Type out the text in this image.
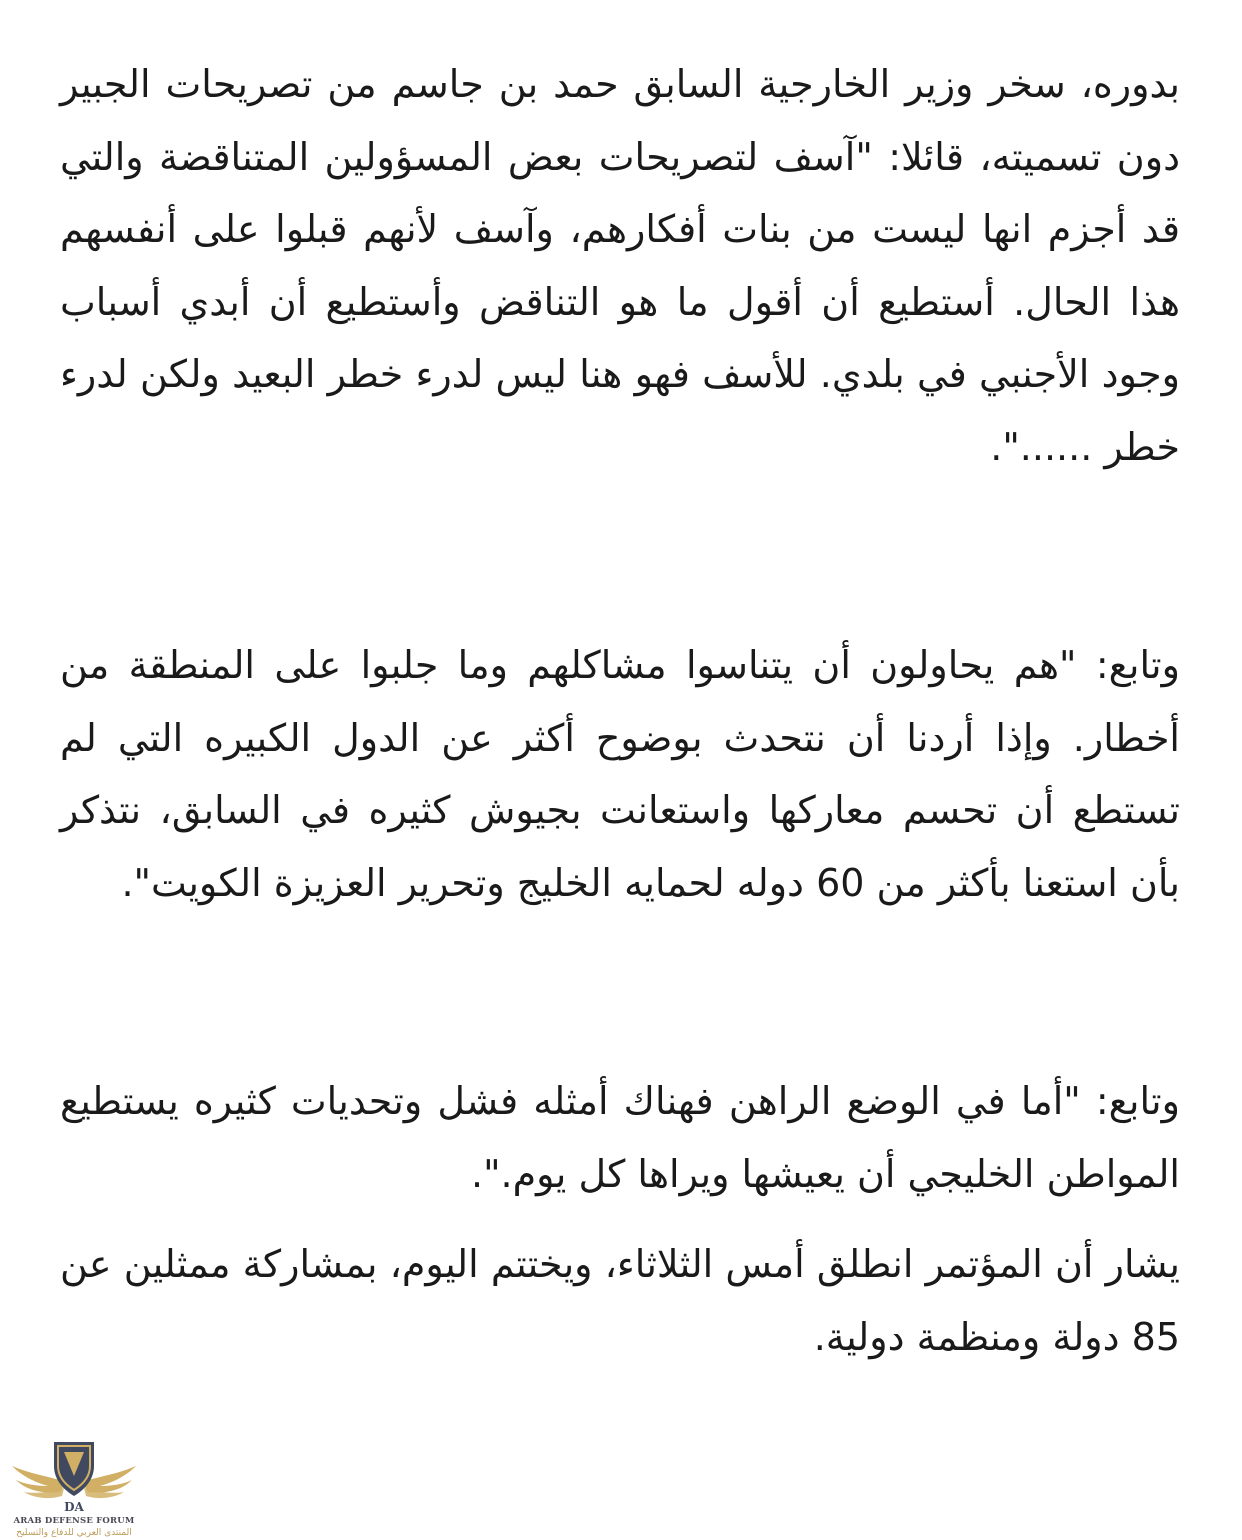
بدوره، سخر وزير الخارجية السابق حمد بن جاسم من تصريحات الجبير دون تسميته، قائلا: "آسف لتصريحات بعض المسؤولين المتناقضة والتي قد أجزم انها ليست من بنات أفكارهم، وآسف لأنهم قبلوا على أنفسهم هذا الحال. أستطيع أن أقول ما هو التناقض وأستطيع أن أبدي أسباب وجود الأجنبي في بلدي. للأسف فهو هنا ليس لدرء خطر البعيد ولكن لدرء خطر ......".

وتابع: "هم يحاولون أن يتناسوا مشاكلهم وما جلبوا على المنطقة من أخطار. وإذا أردنا أن نتحدث بوضوح أكثر عن الدول الكبيره التي لم تستطع أن تحسم معاركها واستعانت بجيوش كثيره في السابق، نتذكر بأن استعنا بأكثر من 60 دوله لحمايه الخليج وتحرير العزيزة الكويت".

وتابع: "أما في الوضع الراهن فهناك أمثله فشل وتحديات كثيره يستطيع المواطن الخليجي أن يعيشها ويراها كل يوم.".

يشار أن المؤتمر انطلق أمس الثلاثاء، ويختتم اليوم، بمشاركة ممثلين عن 85 دولة ومنظمة دولية.

DA
ARAB DEFENSE FORUM
المنتدى العربي للدفاع والتسليح
